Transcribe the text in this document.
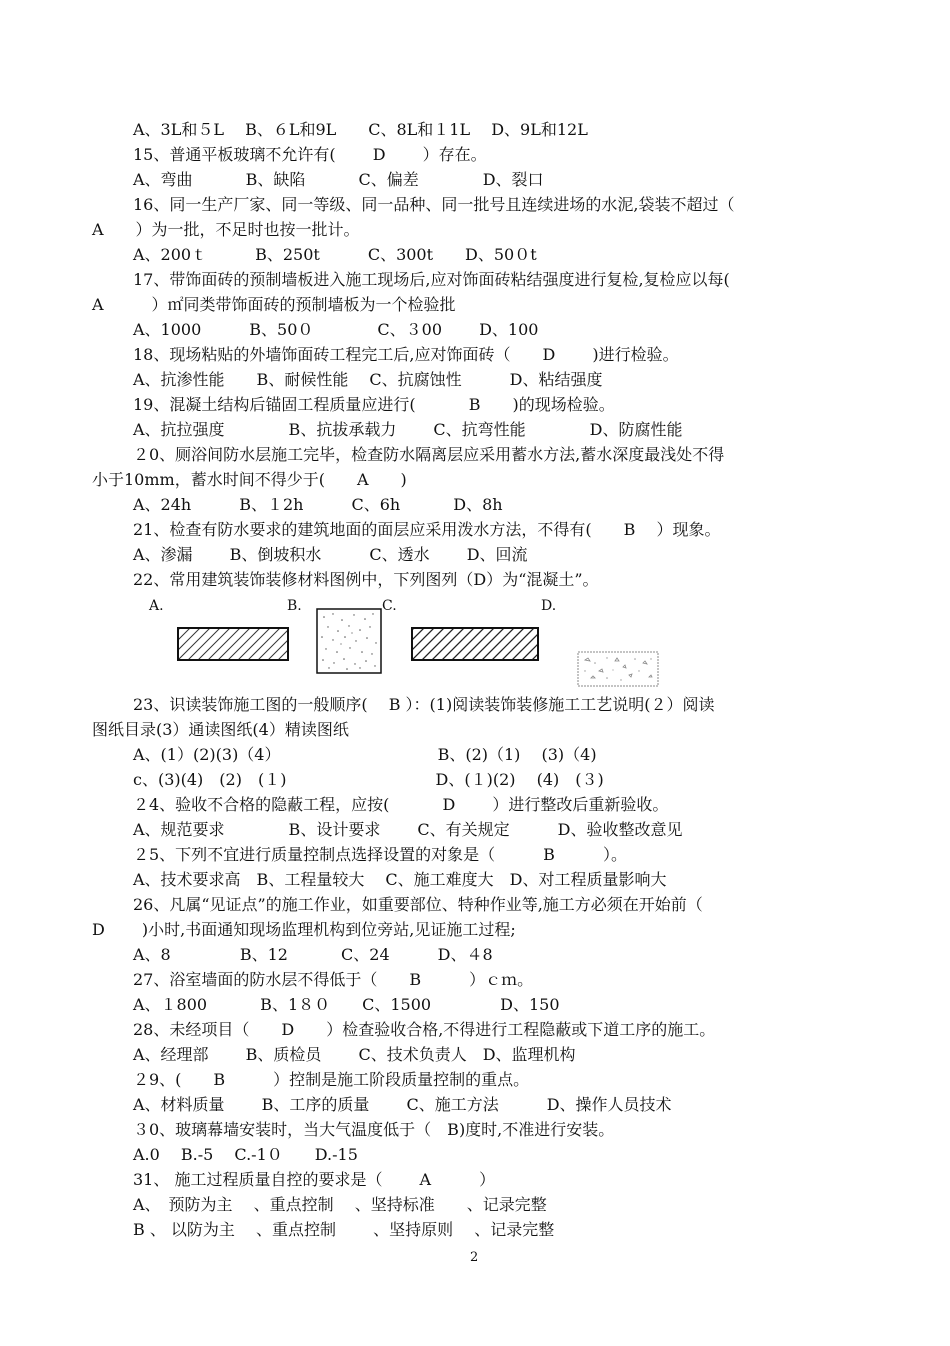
A、3L和５L　 B、６L和9L　　C、8L和１1L　 D、9L和12L
15、普通平板玻璃不允许有(　　 D　　 ）存在。
A、弯曲　　 　B、缺陷　　　 C、偏差　　　　D、裂口
16、同一生产厂家、同一等级、同一品种、同一批号且连续进场的水泥,袋装不超过（
A　　）为一批，不足时也按一批计。
A、200ｔ　　　B、250t　　　C、300t　　D、50０t
17、带饰面砖的预制墙板进入施工现场后,应对饰面砖粘结强度进行复检,复检应以每(
A　　　）㎡同类带饰面砖的预制墙板为一个检验批
A、1000　　　B、50０　　　　C、３00　　 D、100
18、现场粘贴的外墙饰面砖工程完工后,应对饰面砖（　　D　　 )进行检验。
A、抗渗性能　　B、耐候性能　 C、抗腐蚀性　　　D、粘结强度
19、混凝土结构后锚固工程质量应进行(　　　 B　　)的现场检验。
A、抗拉强度　　　　B、抗拔承载力　　 C、抗弯性能　　　　D、防腐性能
２0、厕浴间防水层施工完毕，检查防水隔离层应采用蓄水方法,蓄水深度最浅处不得
小于10mm，蓄水时间不得少于(　　A　　)
A、24h　　　B、１2h　　　C、6h　　　 D、8h
21、检查有防水要求的建筑地面的面层应采用泼水方法，不得有(　　B　 ）现象。
A、渗漏　　 B、倒坡积水　　　C、透水　　 D、回流
22、常用建筑装饰装修材料图例中，下列图列（D）为“混凝土”。
A.	B.	C.	D.
23、识读装饰施工图的一般顺序(　 B ）：(1)阅读装饰装修施工工艺说明(２）阅读
图纸目录(3）通读图纸(4）精读图纸
A、(1）(2)(3)（4）　　　　　　　　　　 B、(2)（1)　 (3)（4)
c、(3)(4)　(2)　(１)　　　　　　　　　 D、(１)(2)　 (4)　(３)
２4、验收不合格的隐蔽工程，应按(　　　 D　　 ）进行整改后重新验收。
A、规范要求　　　　B、设计要求　　 C、有关规定　　　D、验收整改意见
２5、下列不宜进行质量控制点选择设置的对象是（　　　B　　　）。
A、技术要求高　B、工程量较大　 C、施工难度大　D、对工程质量影响大
26、凡属“见证点”的施工作业，如重要部位、特种作业等,施工方必须在开始前（
D　　 )小时,书面通知现场监理机构到位旁站,见证施工过程;
A、8　　　　 B、12　　　 C、24　　　D、４8
27、浴室墙面的防水层不得低于（　　B　　　）ｃｍ。
A、１800　　　 B、1８０　　C、1500　　　　 D、150
28、未经项目（　　D　　）检查验收合格,不得进行工程隐蔽或下道工序的施工。
A、经理部　　 B、质检员　　 C、技术负责人　D、监理机构
２9、(　　B　　　）控制是施工阶段质量控制的重点。
A、材料质量　　 B、工序的质量　　 C、施工方法　　　D、操作人员技术
３0、玻璃幕墙安装时，当大气温度低于（　B)度时,不准进行安装。
A.0　 B.-5　 C.-1０　　D.-15
31、 施工过程质量自控的要求是（　　 A　　　）
A、　预防为主　 、重点控制　 、坚持标准　　、记录完整
B 、 以防为主　 、重点控制　　 、坚持原则　 、记录完整
2
